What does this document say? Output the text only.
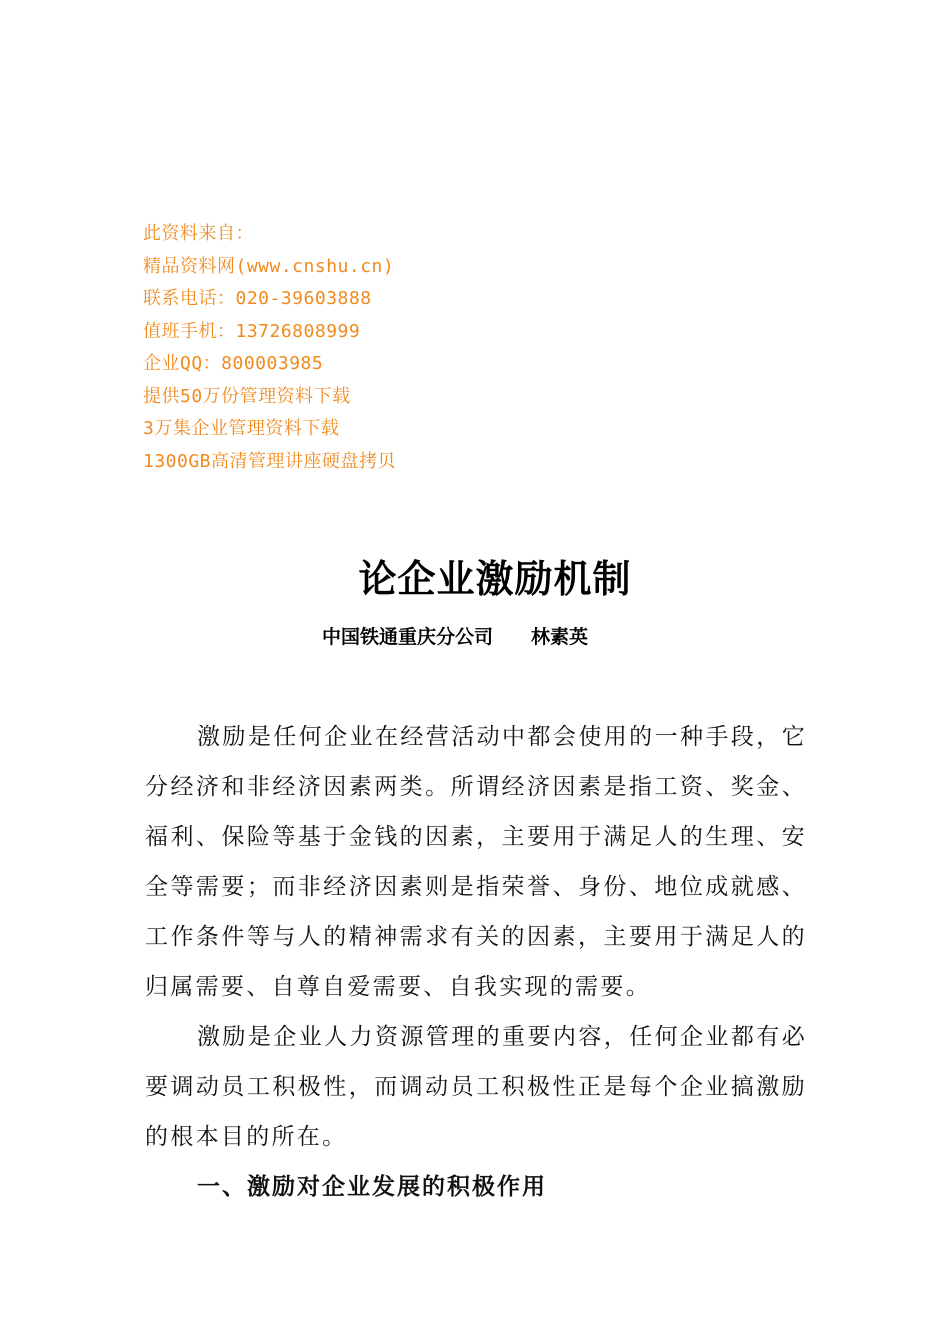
此资料来自：
精品资料网(www.cnshu.cn)
联系电话：020-39603888
值班手机：13726808999
企业QQ：800003985
提供50万份管理资料下载
3万集企业管理资料下载
1300GB高清管理讲座硬盘拷贝
论企业激励机制
中国铁通重庆分公司 林素英

激励是任何企业在经营活动中都会使用的一种手段，它分经济和非经济因素两类。所谓经济因素是指工资、奖金、福利、保险等基于金钱的因素，主要用于满足人的生理、安全等需要；而非经济因素则是指荣誉、身份、地位成就感、工作条件等与人的精神需求有关的因素，主要用于满足人的归属需要、自尊自爱需要、自我实现的需要。

激励是企业人力资源管理的重要内容，任何企业都有必要调动员工积极性，而调动员工积极性正是每个企业搞激励的根本目的所在。

一、激励对企业发展的积极作用
